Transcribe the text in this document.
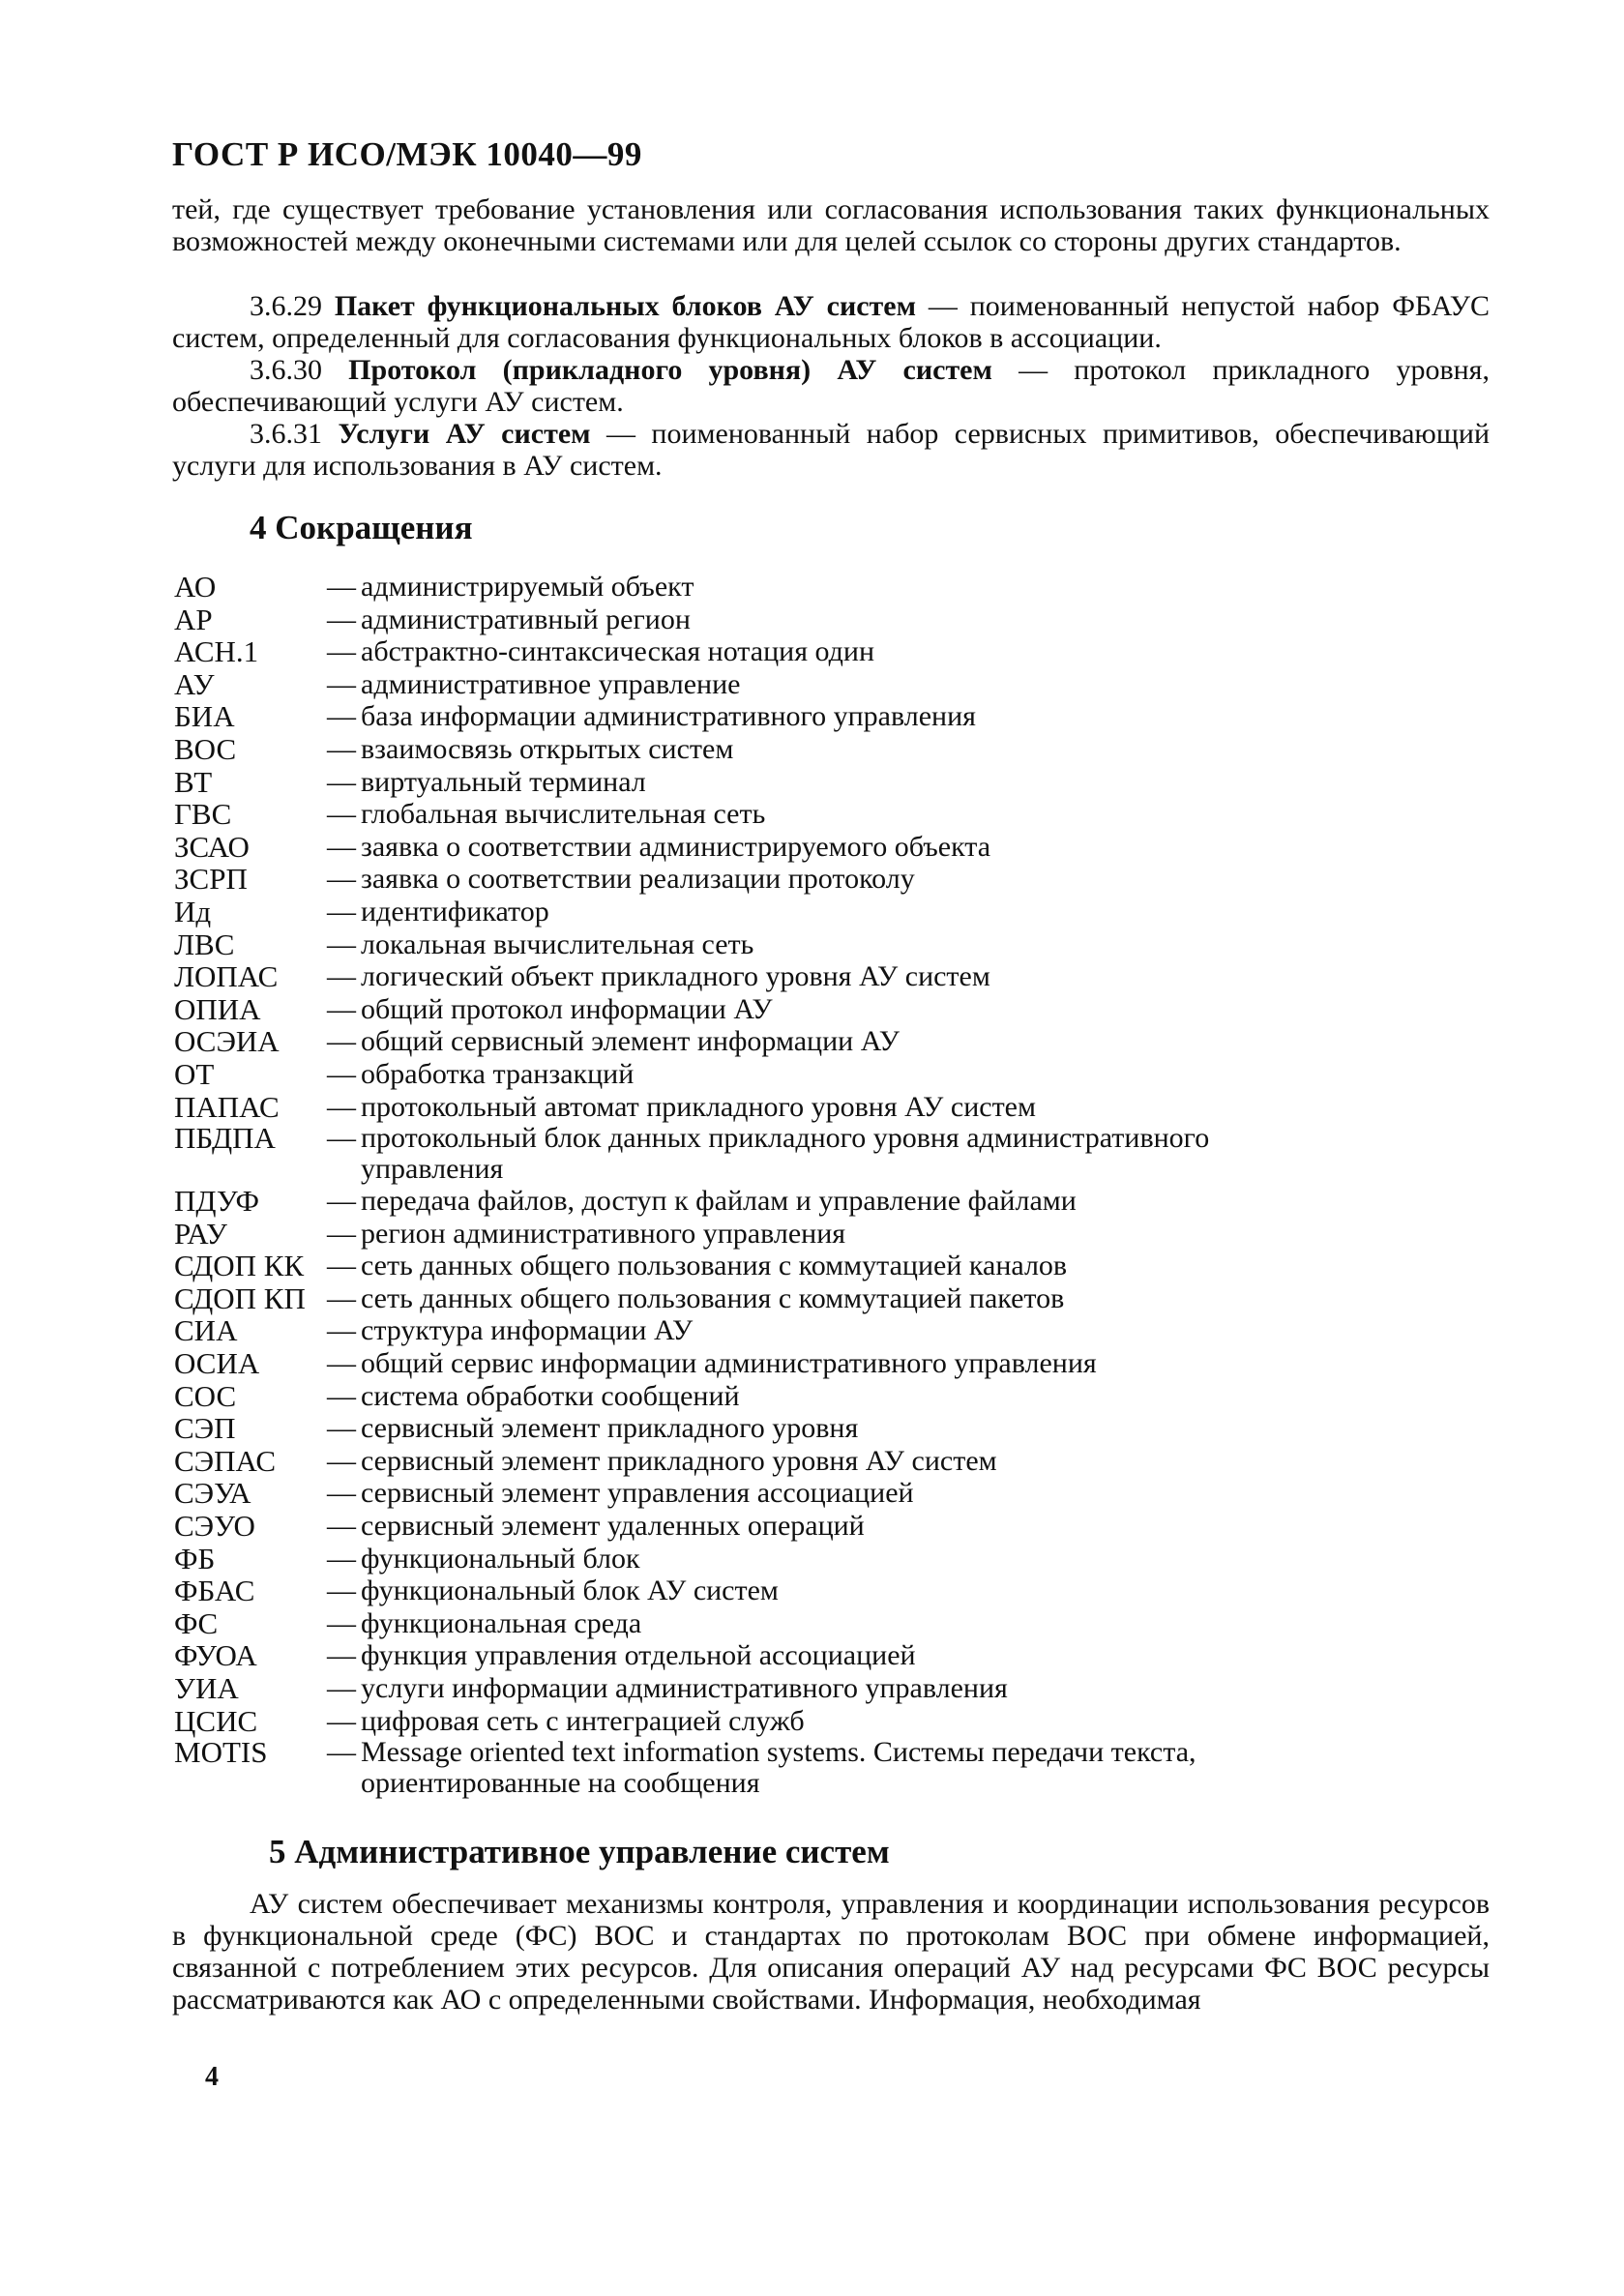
ГОСТ Р ИСО/МЭК 10040—99

тей, где существует требование установления или согласования использования таких функциональных возможностей между оконечными системами или для целей ссылок со стороны других стандартов.

3.6.29 Пакет функциональных блоков АУ систем — поименованный непустой набор ФБАУС систем, определенный для согласования функциональных блоков в ассоциации.

3.6.30 Протокол (прикладного уровня) АУ систем — протокол прикладного уровня, обеспечивающий услуги АУ систем.

3.6.31 Услуги АУ систем — поименованный набор сервисных примитивов, обеспечивающий услуги для использования в АУ систем.

4 Сокращения
АО	— администрируемый объект
АР	— административный регион
АСН.1	— абстрактно-синтаксическая нотация один
АУ	— административное управление
БИА	— база информации административного управления
ВОС	— взаимосвязь открытых систем
ВТ	— виртуальный терминал
ГВС	— глобальная вычислительная сеть
ЗСАО	— заявка о соответствии администрируемого объекта
ЗСРП	— заявка о соответствии реализации протоколу
Ид	— идентификатор
ЛВС	— локальная вычислительная сеть
ЛОПАС	— логический объект прикладного уровня АУ систем
ОПИА	— общий протокол информации АУ
ОСЭИА	— общий сервисный элемент информации АУ
ОТ	— обработка транзакций
ПАПАС	— протокольный автомат прикладного уровня АУ систем
ПБДПА	— протокольный блок данных прикладного уровня административного управления
ПДУФ	— передача файлов, доступ к файлам и управление файлами
РАУ	— регион административного управления
СДОП КК — сеть данных общего пользования с коммутацией каналов
СДОП КП — сеть данных общего пользования с коммутацией пакетов
СИА	— структура информации АУ
ОСИА	— общий сервис информации административного управления
СОС	— система обработки сообщений
СЭП	— сервисный элемент прикладного уровня
СЭПАС	— сервисный элемент прикладного уровня АУ систем
СЭУА	— сервисный элемент управления ассоциацией
СЭУО	— сервисный элемент удаленных операций
ФБ	— функциональный блок
ФБАС	— функциональный блок АУ систем
ФС	— функциональная среда
ФУОА	— функция управления отдельной ассоциацией
УИА	— услуги информации административного управления
ЦСИС	— цифровая сеть с интеграцией служб
MOTIS	— Message oriented text information systems. Системы передачи текста, ориентированные на сообщения
5 Административное управление систем

АУ систем обеспечивает механизмы контроля, управления и координации использования ресурсов в функциональной среде (ФС) ВОС и стандартах по протоколам ВОС при обмене информацией, связанной с потреблением этих ресурсов. Для описания операций АУ над ресурсами ФС ВОС ресурсы рассматриваются как АО с определенными свойствами. Информация, необходимая

4
